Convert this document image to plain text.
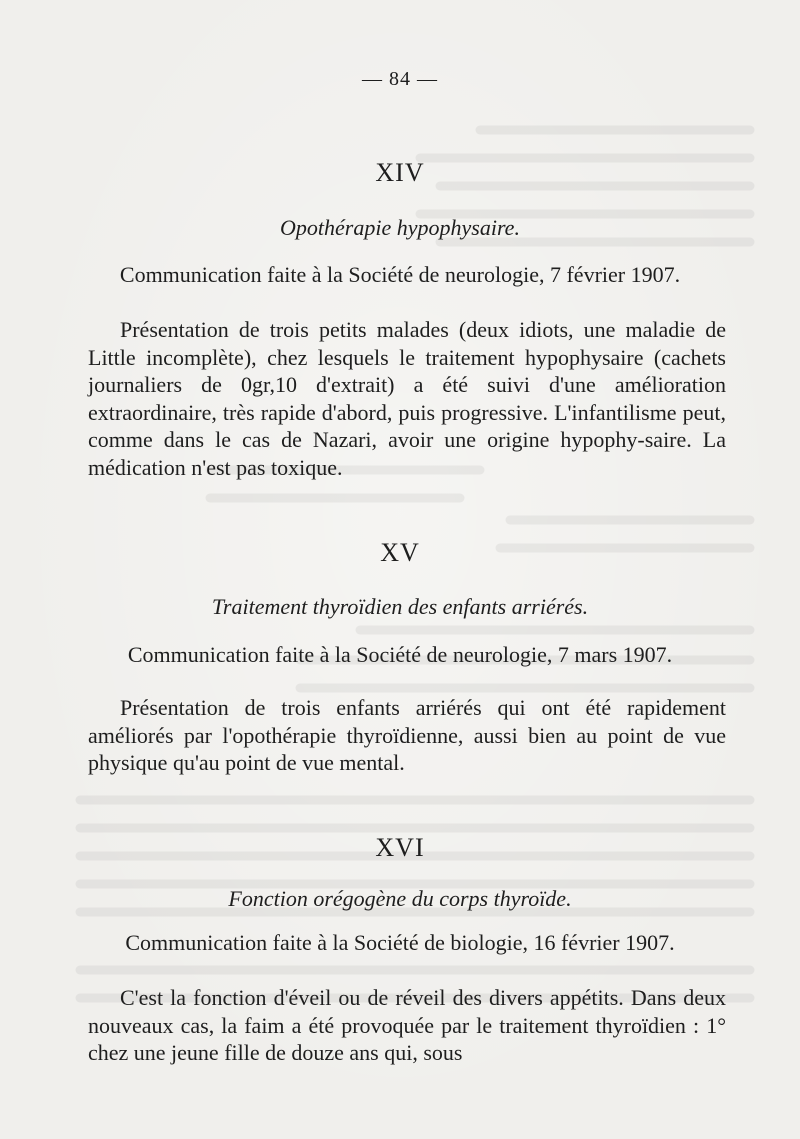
— 84 —
XIV
Opothérapie hypophysaire.
Communication faite à la Société de neurologie, 7 février 1907.
Présentation de trois petits malades (deux idiots, une maladie de Little incomplète), chez lesquels le traitement hypophysaire (cachets journaliers de 0gr,10 d'extrait) a été suivi d'une amélioration extraordinaire, très rapide d'abord, puis progressive. L'infantilisme peut, comme dans le cas de Nazari, avoir une origine hypophy-saire. La médication n'est pas toxique.
XV
Traitement thyroïdien des enfants arriérés.
Communication faite à la Société de neurologie, 7 mars 1907.
Présentation de trois enfants arriérés qui ont été rapidement améliorés par l'opothérapie thyroïdienne, aussi bien au point de vue physique qu'au point de vue mental.
XVI
Fonction orégogène du corps thyroïde.
Communication faite à la Société de biologie, 16 février 1907.
C'est la fonction d'éveil ou de réveil des divers appétits. Dans deux nouveaux cas, la faim a été provoquée par le traitement thyroïdien : 1° chez une jeune fille de douze ans qui, sous
